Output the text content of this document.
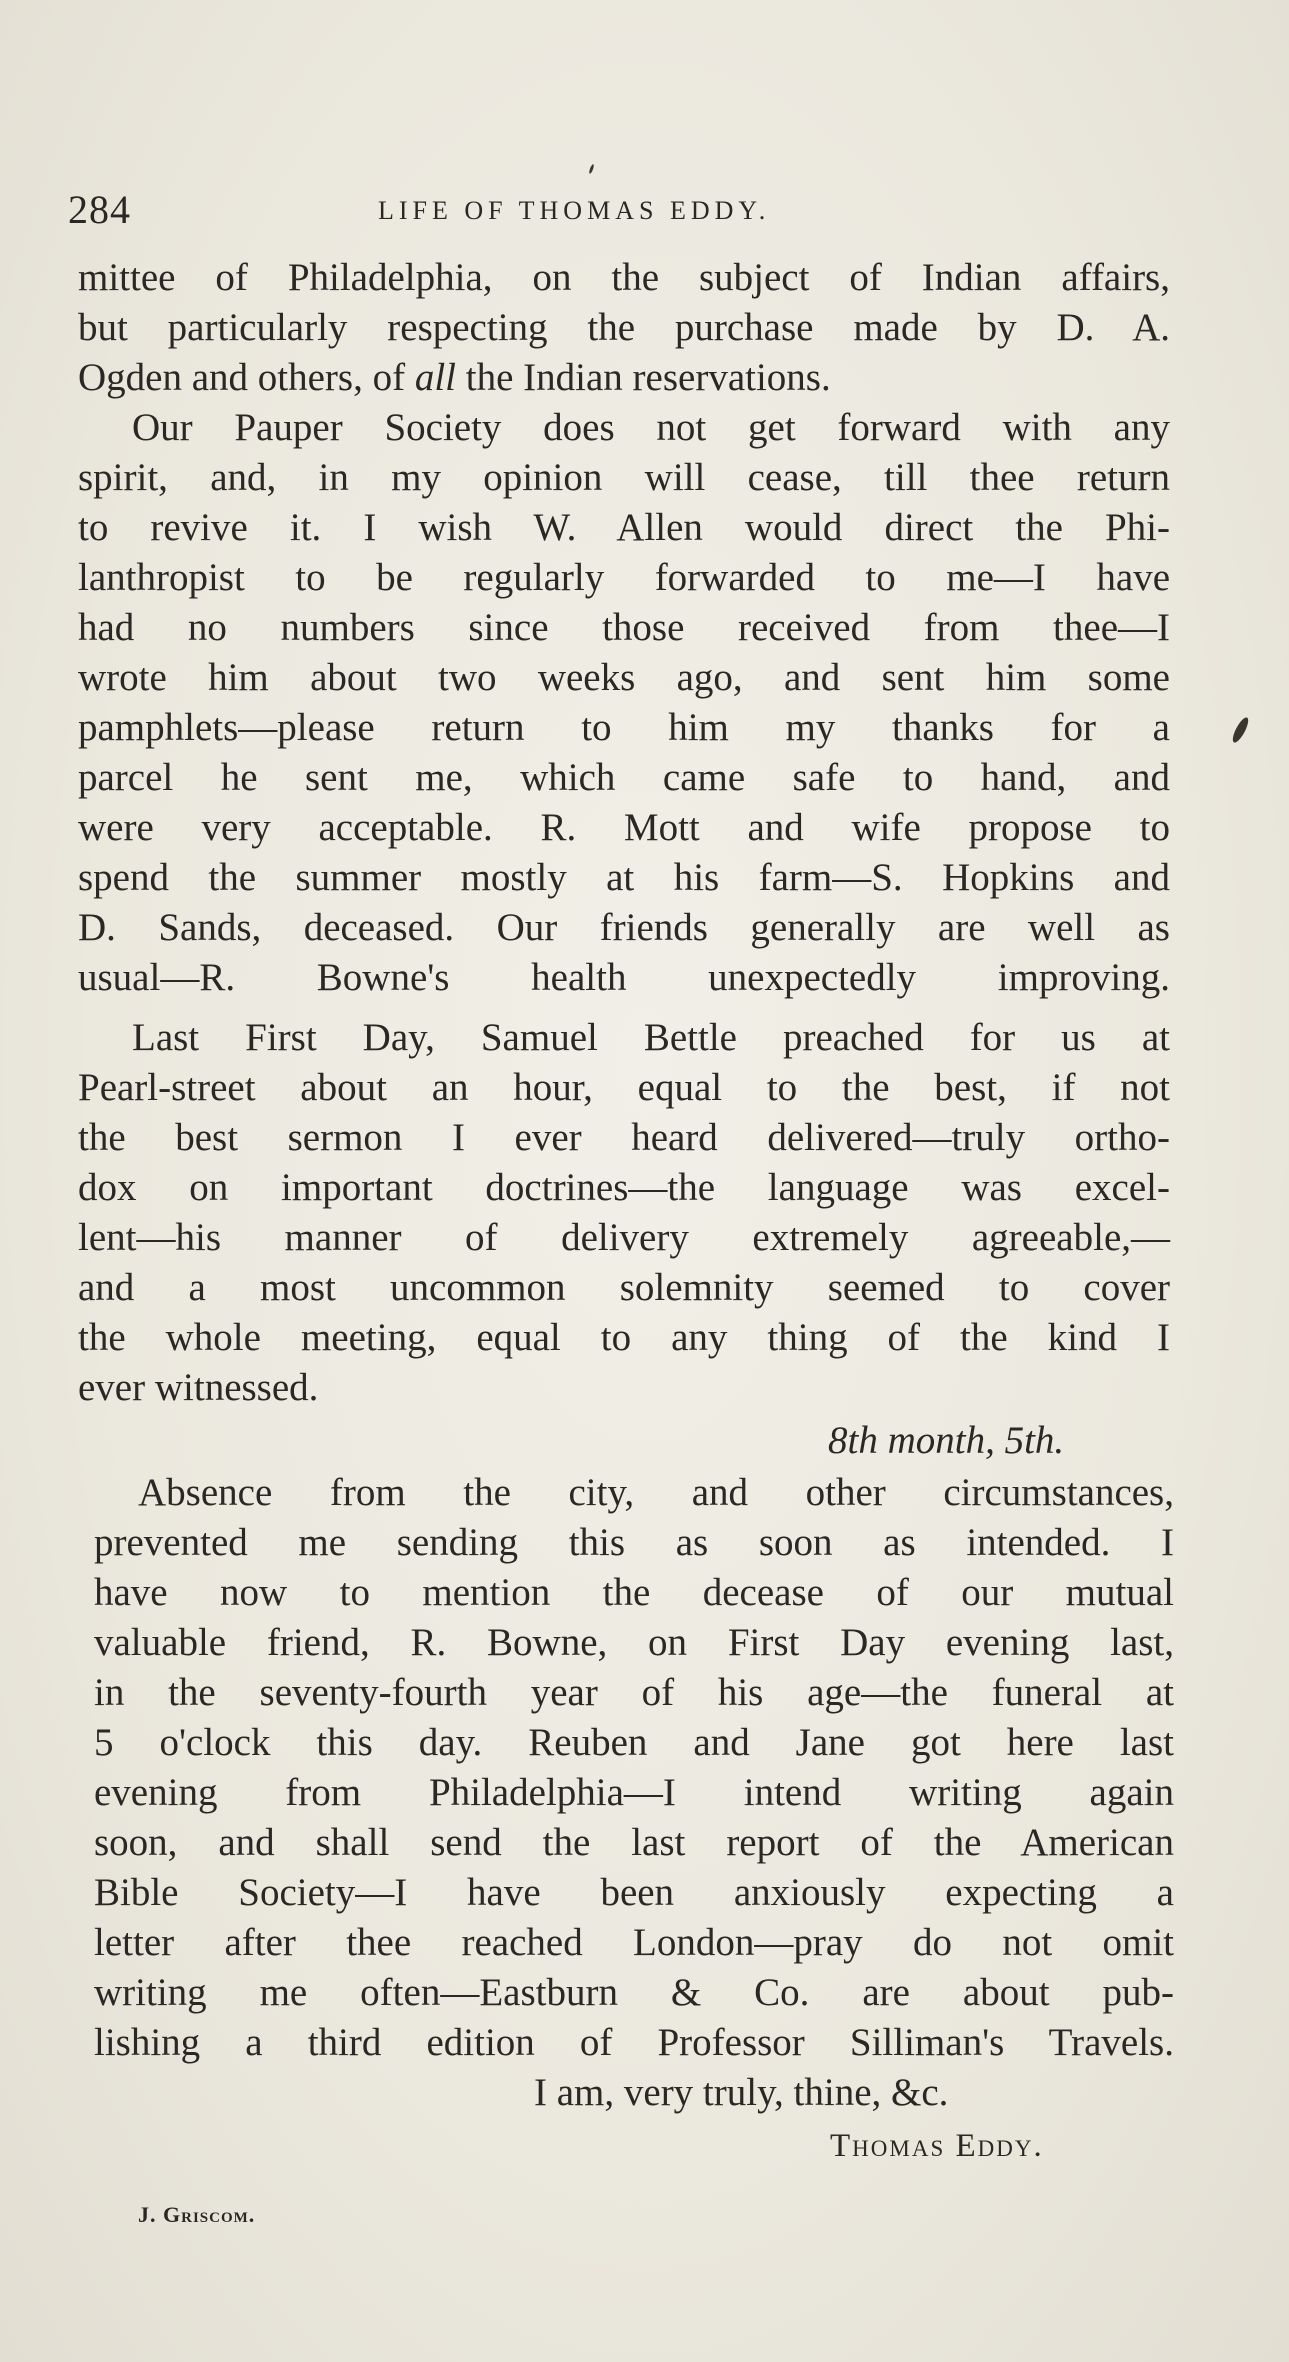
284	LIFE OF THOMAS EDDY.
mittee of Philadelphia, on the subject of Indian affairs,
but particularly respecting the purchase made by D. A.
Ogden and others, of all the Indian reservations.
Our Pauper Society does not get forward with any
spirit, and, in my opinion will cease, till thee return
to revive it. I wish W. Allen would direct the Phi-
lanthropist to be regularly forwarded to me—I have
had no numbers since those received from thee—I
wrote him about two weeks ago, and sent him some
pamphlets—please return to him my thanks for a
parcel he sent me, which came safe to hand, and
were very acceptable. R. Mott and wife propose to
spend the summer mostly at his farm—S. Hopkins and
D. Sands, deceased. Our friends generally are well as
usual—R. Bowne's health unexpectedly improving.
Last First Day, Samuel Bettle preached for us at
Pearl-street about an hour, equal to the best, if not
the best sermon I ever heard delivered—truly ortho-
dox on important doctrines—the language was excel-
lent—his manner of delivery extremely agreeable,—
and a most uncommon solemnity seemed to cover
the whole meeting, equal to any thing of the kind I
ever witnessed.
8th month, 5th.
Absence from the city, and other circumstances,
prevented me sending this as soon as intended. I
have now to mention the decease of our mutual
valuable friend, R. Bowne, on First Day evening last,
in the seventy-fourth year of his age—the funeral at
5 o'clock this day. Reuben and Jane got here last
evening from Philadelphia—I intend writing again
soon, and shall send the last report of the American
Bible Society—I have been anxiously expecting a
letter after thee reached London—pray do not omit
writing me often—Eastburn & Co. are about pub-
lishing a third edition of Professor Silliman's Travels.
I am, very truly, thine, &c.
Thomas Eddy.
J. Griscom.
